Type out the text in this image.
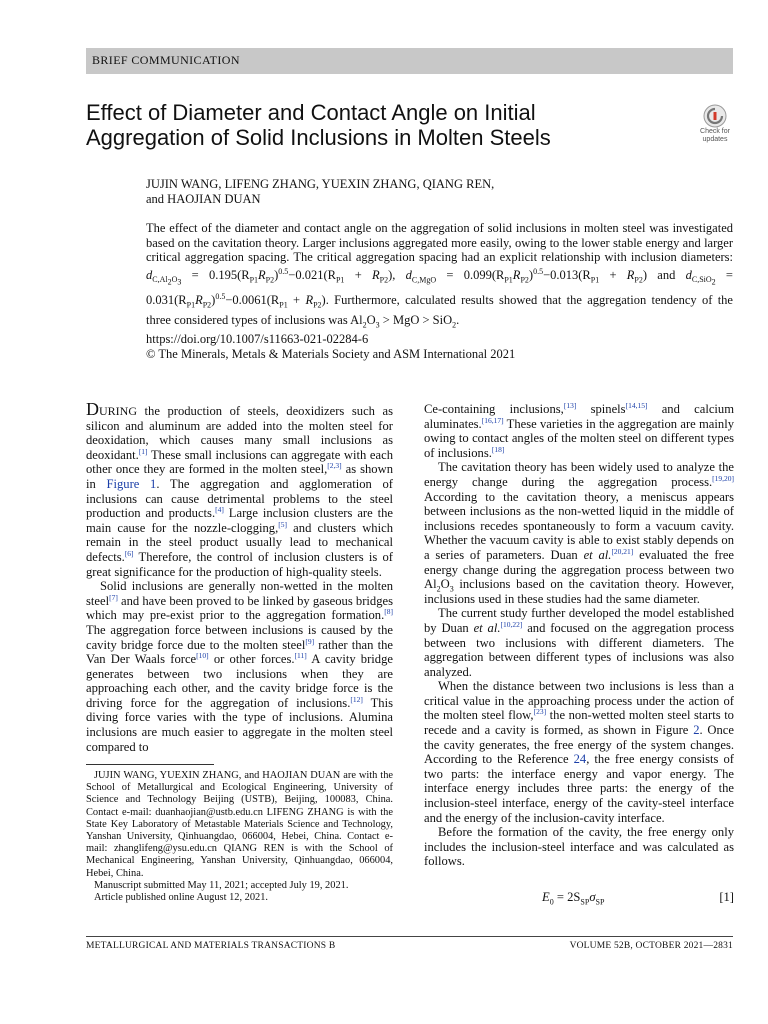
BRIEF COMMUNICATION
Effect of Diameter and Contact Angle on Initial
Aggregation of Solid Inclusions in Molten Steels	Check for
updates
JUJIN WANG, LIFENG ZHANG, YUEXIN ZHANG, QIANG REN,
and HAOJIAN DUAN
The effect of the diameter and contact angle on the aggregation of solid inclusions in molten steel was investigated based on the cavitation theory. Larger inclusions aggregated more easily, owing to the lower stable energy and larger critical aggregation spacing. The critical aggregation spacing had an explicit relationship with inclusion diameters: $d_{C,Al_2O_3} = 0.195(R_{P1}R_{P2})^{0.5}-0.021(R_{P1} + R_{P2})$, $d_{C,MgO} = 0.099(R_{P1}R_{P2})^{0.5}-0.013(R_{P1} + R_{P2})$ and $d_{C,SiO_2} = 0.031(R_{P1}R_{P2})^{0.5}-0.0061(R_{P1} + R_{P2})$. Furthermore, calculated results showed that the aggregation tendency of the three considered types of inclusions was $Al_2O_3$ > MgO > SiO$_2$.
https://doi.org/10.1007/s11663-021-02284-6
© The Minerals, Metals & Materials Society and ASM International 2021

DURING the production of steels, deoxidizers such as silicon and aluminum are added into the molten steel for deoxidation, which causes many small inclusions as deoxidant.[1] These small inclusions can aggregate with each other once they are formed in the molten steel,[2,3] as shown in Figure 1. The aggregation and agglomeration of inclusions can cause detrimental problems to the steel production and products.[4] Large inclusion clusters are the main cause for the nozzle-clogging,[5] and clusters which remain in the steel product usually lead to mechanical defects.[6] Therefore, the control of inclusion clusters is of great significance for the production of high-quality steels.

Solid inclusions are generally non-wetted in the molten steel[7] and have been proved to be linked by gaseous bridges which may pre-exist prior to the aggregation formation.[8] The aggregation force between inclusions is caused by the cavity bridge force due to the molten steel[9] rather than the Van Der Waals force[10] or other forces.[11] A cavity bridge generates between two inclusions when they are approaching each other, and the cavity bridge force is the driving force for the aggregation of inclusions.[12] This diving force varies with the type of inclusions. Alumina inclusions are much easier to aggregate in the molten steel compared to

Ce-containing inclusions,[13] spinels[14,15] and calcium aluminates.[16,17] These varieties in the aggregation are mainly owing to contact angles of the molten steel on different types of inclusions.[18]

The cavitation theory has been widely used to analyze the energy change during the aggregation process.[19,20] According to the cavitation theory, a meniscus appears between inclusions as the non-wetted liquid in the middle of inclusions recedes spontaneously to form a vacuum cavity. Whether the vacuum cavity is able to exist stably depends on a series of parameters. Duan et al.[20,21] evaluated the free energy change during the aggregation process between two $Al_2O_3$ inclusions based on the cavitation theory. However, inclusions used in these studies had the same diameter.

The current study further developed the model established by Duan et al.[10,22] and focused on the aggregation process between two inclusions with different diameters. The aggregation between different types of inclusions was also analyzed.

When the distance between two inclusions is less than a critical value in the approaching process under the action of the molten steel flow,[23] the non-wetted molten steel starts to recede and a cavity is formed, as shown in Figure 2. Once the cavity generates, the free energy of the system changes. According to the Reference 24, the free energy consists of two parts: the interface energy and vapor energy. The interface energy includes three parts: the energy of the inclusion-steel interface, energy of the cavity-steel interface and the energy of the inclusion-cavity interface.

Before the formation of the cavity, the free energy only includes the inclusion-steel interface and was calculated as follows.

$E_0 = 2S_{SP}\sigma_{SP}$	[1]

JUJIN WANG, YUEXIN ZHANG, and HAOJIAN DUAN are with the School of Metallurgical and Ecological Engineering, University of Science and Technology Beijing (USTB), Beijing, 100083, China. Contact e-mail: duanhaojian@ustb.edu.cn LIFENG ZHANG is with the State Key Laboratory of Metastable Materials Science and Technology, Yanshan University, Qinhuangdao, 066004, Hebei, China. Contact e-mail: zhanglifeng@ysu.edu.cn QIANG REN is with the School of Mechanical Engineering, Yanshan University, Qinhuangdao, 066004, Hebei, China.

Manuscript submitted May 11, 2021; accepted July 19, 2021.

Article published online August 12, 2021.

METALLURGICAL AND MATERIALS TRANSACTIONS B	VOLUME 52B, OCTOBER 2021—2831
